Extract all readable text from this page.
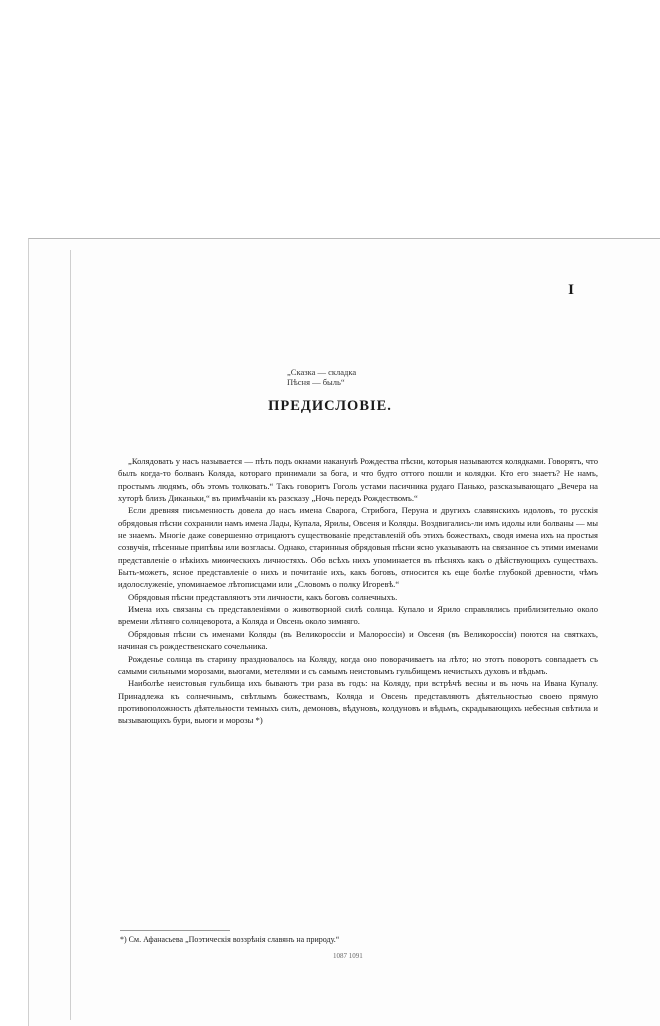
I
„Сказка — складка
Пѣсня — быль“
ПРЕДИСЛОВІЕ.

„Колядовать у насъ называется — пѣть подъ окнами наканунѣ Рождества пѣсни, которыя называются колядками. Говорятъ, что былъ когда-то болванъ Коляда, котораго принимали за бога, и что будто оттого пошли и колядки. Кто его знаетъ? Не намъ, простымъ людямъ, объ этомъ толковать.“ Такъ говоритъ Гоголь устами пасичника рудаго Панько, разсказывающаго „Вечера на хуторѣ близъ Диканьки,“ въ примѣчаніи къ разсказу „Ночь передъ Рождествомъ.“

Если древняя письменность довела до насъ имена Сварога, Стрибога, Перуна и другихъ славянскихъ идоловъ, то русскія обрядовыя пѣсни сохранили намъ имена Лады, Купала, Ярилы, Овсеня и Коляды. Воздвигались-ли имъ идолы или болваны — мы не знаемъ. Многіе даже совершенно отрицаютъ существованіе представленій объ этихъ божествахъ, сводя имена ихъ на простыя созвучія, пѣсенные припѣвы или возгласы. Однако, старинныя обрядовыя пѣсни ясно указываютъ на связанное съ этими именами представленіе о нѣкіихъ миѳическихъ личностяхъ. Обо всѣхъ нихъ упоминается въ пѣсняхъ какъ о дѣйствующихъ существахъ. Быть-можетъ, ясное представленіе о нихъ и почитаніе ихъ, какъ боговъ, относится къ еще болѣе глубокой древности, чѣмъ идолослуженіе, упоминаемое лѣтописцами или „Словомъ о полку Игоревѣ.“

Обрядовыя пѣсни представляютъ эти личности, какъ боговъ солнечныхъ.

Имена ихъ связаны съ представленіями о животворной силѣ солнца. Купало и Ярило справлялись приблизительно около времени лѣтняго солнцеворота, а Коляда и Овсень около зимняго.

Обрядовыя пѣсни съ именами Коляды (въ Великороссіи и Малороссіи) и Овсеня (въ Великороссіи) поются на святкахъ, начиная съ рождественскаго сочельника.

Рожденье солнца въ старину праздновалось на Коляду, когда оно поворачиваетъ на лѣто; но этотъ поворотъ совпадаетъ съ самыми сильными морозами, вьюгами, метелями и съ самымъ неистовымъ гульбищемъ нечистыхъ духовъ и вѣдьмъ.

Наиболѣе неистовыя гульбища ихъ бываютъ три раза въ годъ: на Коляду, при встрѣчѣ весны и въ ночь на Ивана Купалу. Принадлежа къ солнечнымъ, свѣтлымъ божествамъ, Коляда и Овсень представляютъ дѣятельностью своею прямую противоположность дѣятельности темныхъ силъ, демоновъ, вѣдуновъ, колдуновъ и вѣдьмъ, скрадывающихъ небесныя свѣтила и вызывающихъ бури, вьюги и морозы *)

*) См. Афанасьева „Поэтическія воззрѣнія славянъ на природу.“
1087 1091
